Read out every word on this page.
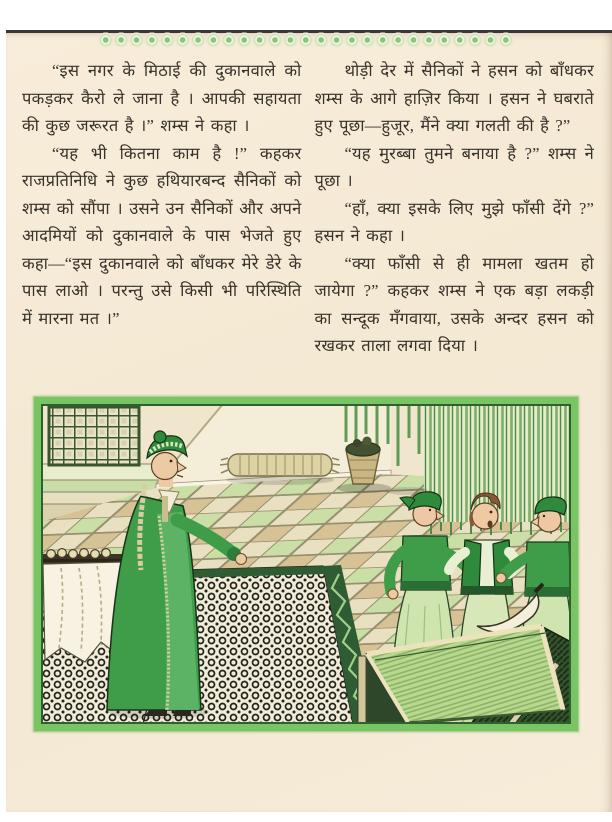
“इस नगर के मिठाई की दुकानवाले को पकड़कर कैरो ले जाना है । आपकी सहायता की कुछ जरूरत है ।” शम्स ने कहा ।

“यह भी कितना काम है !” कहकर राजप्रतिनिधि ने कुछ हथियारबन्द सैनिकों को शम्स को सौंपा । उसने उन सैनिकों और अपने आदमियों को दुकानवाले के पास भेजते हुए कहा—“इस दुकानवाले को बाँधकर मेरे डेरे के पास लाओ । परन्तु उसे किसी भी परिस्थिति में मारना मत ।”

थोड़ी देर में सैनिकों ने हसन को बाँधकर शम्स के आगे हाज़िर किया । हसन ने घबराते हुए पूछा—हुजूर, मैंने क्या गलती की है ?”

“यह मुरब्बा तुमने बनाया है ?” शम्स ने पूछा ।

“हाँ, क्या इसके लिए मुझे फाँसी देंगे ?” हसन ने कहा ।

“क्या फाँसी से ही मामला खतम हो जायेगा ?” कहकर शम्स ने एक बड़ा लकड़ी का सन्दूक मँगवाया, उसके अन्दर हसन को रखकर ताला लगवा दिया ।
